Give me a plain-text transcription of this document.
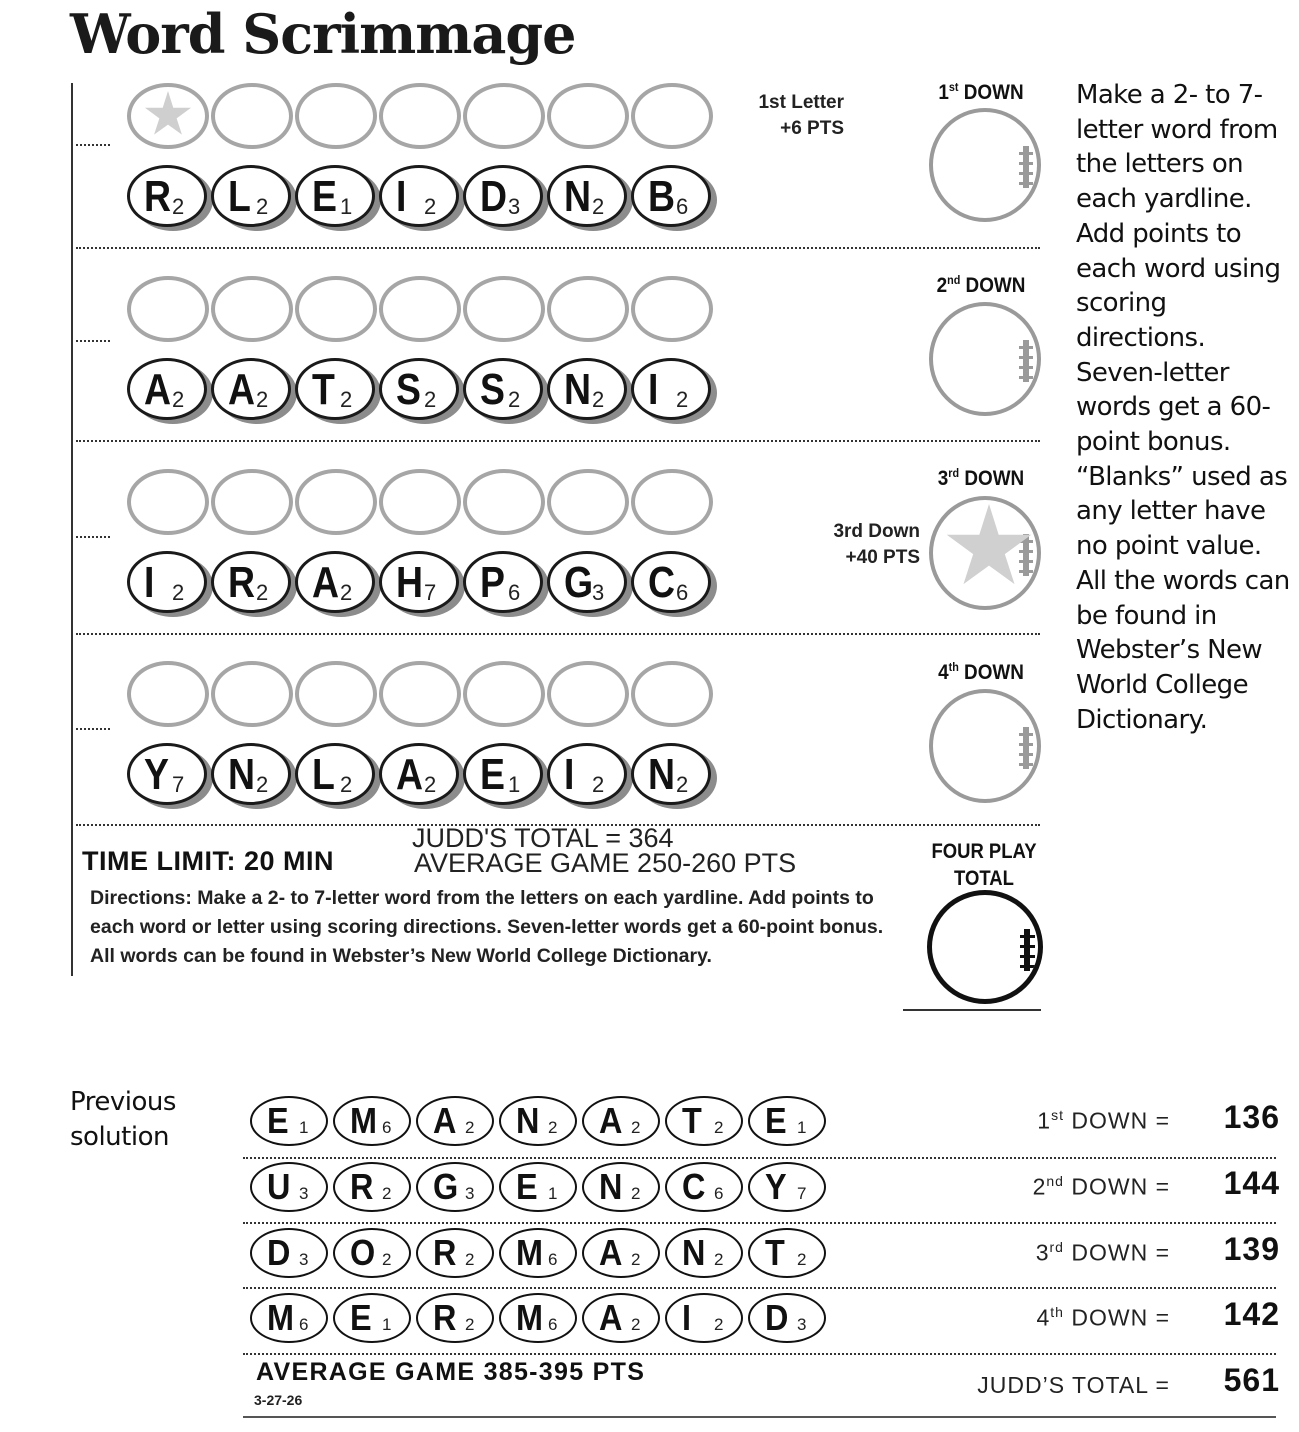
Word Scrimmage
R 2 L 2 E 1 I 2 D 3 N 2 B 6
A 2 A 2 T 2 S 2 S 2 N 2 I 2
I 2 R 2 A 2 H 7 P 6 G
3 C 6
Y 7 N 2 L 2 A 2 E 1 I 2 N 2
1st DOWN
2nd DOWN
3rd DOWN
4th DOWN
1st Letter
+6 PTS
3rd Down
+40 PTS
FOUR PLAY
TOTAL
Make a 2- to 7-letter word from the letters on each yardline. Add points to each word using scoring directions. Seven-letter words get a 60-point bonus. “Blanks” used as any letter have no point value. All the words can be found in Webster’s New World College Dictionary.
JUDD'S TOTAL = 364
AVERAGE GAME 250-260 PTS
TIME LIMIT: 20 MIN
Directions: Make a 2- to 7-letter word from the letters on each yardline. Add points to each word or letter using scoring directions. Seven-letter words get a 60-point bonus. All words can be found in Webster’s New World College Dictionary.
Previous
solution	E 1 M 6 A 2 N 2 A 2 T 2 E 1	1st DOWN =	136
U 3 R 2 G 3 E 1 N 2 C 6 Y 7	2nd DOWN =	144
D 3 O 2 R 2 M 6 A 2 N 2 T 2	3rd DOWN =	139
M 6 E 1 R 2 M 6 A 2 I 2 D 3	4th DOWN =	142
AVERAGE GAME 385-395 PTS
3-27-26
JUDD’S TOTAL =	561
